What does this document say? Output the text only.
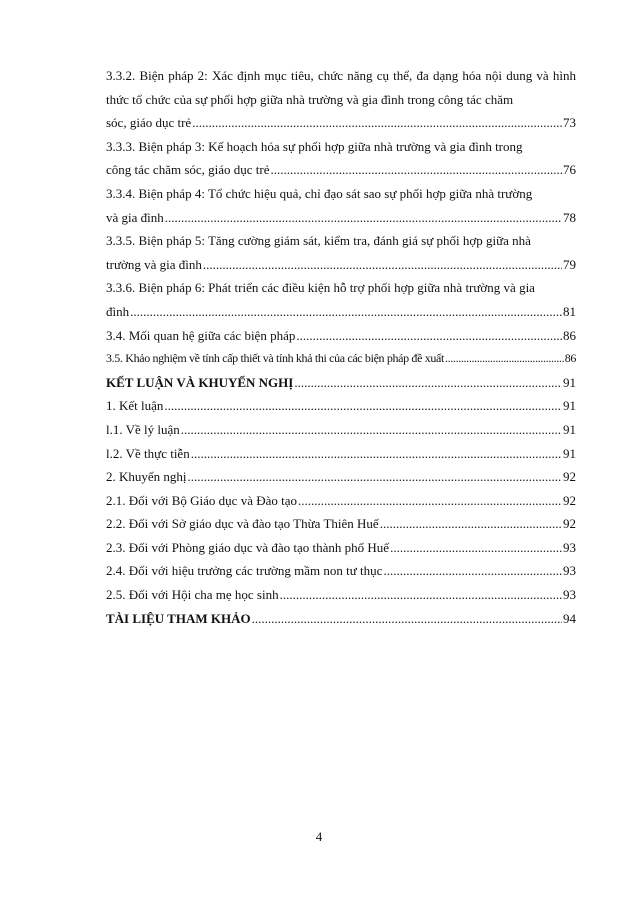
3.3.2. Biện pháp 2: Xác định mục tiêu, chức năng cụ thể, đa dạng hóa nội dung và hình thức tổ chức của sự phối hợp giữa nhà trường và gia đình trong công tác chăm
sóc, giáo dục trẻ .....	73
3.3.3. Biện pháp 3: Kế hoạch hóa sự phối hợp giữa nhà trường và gia đình trong
công tác chăm sóc, giáo dục trẻ .....	76
3.3.4. Biện pháp 4: Tổ chức hiệu quả, chỉ đạo sát sao sự phối hợp giữa nhà trường
và gia đình .....	78
3.3.5. Biện pháp 5: Tăng cường giám sát, kiểm tra, đánh giá sự phối hợp giữa nhà
trường và gia đình .....	79
3.3.6. Biện pháp 6: Phát triển các điều kiện hỗ trợ phối hợp giữa nhà trường và gia
đình .....	81
3.4. Mối quan hệ giữa các biện pháp .....	86
3.5. Khảo nghiệm về tính cấp thiết và tính khả thi của các biện pháp đề xuất .....	86
KẾT LUẬN VÀ KHUYẾN NGHỊ .....	91
1. Kết luận .....	91
l.1. Về lý luận .....	91
l.2. Về thực tiễn .....	91
2. Khuyến nghị .....	92
2.1. Đối với Bộ Giáo dục và Đào tạo .....	92
2.2. Đối với Sở giáo dục và đào tạo Thừa Thiên Huế .....	92
2.3. Đối với Phòng giáo dục và đào tạo thành phố Huế .....	93
2.4. Đối với hiệu trưởng các trường mầm non tư thục .....	93
2.5. Đối với Hội cha mẹ học sinh .....	93
TÀI LIỆU THAM KHẢO .....	94
4
